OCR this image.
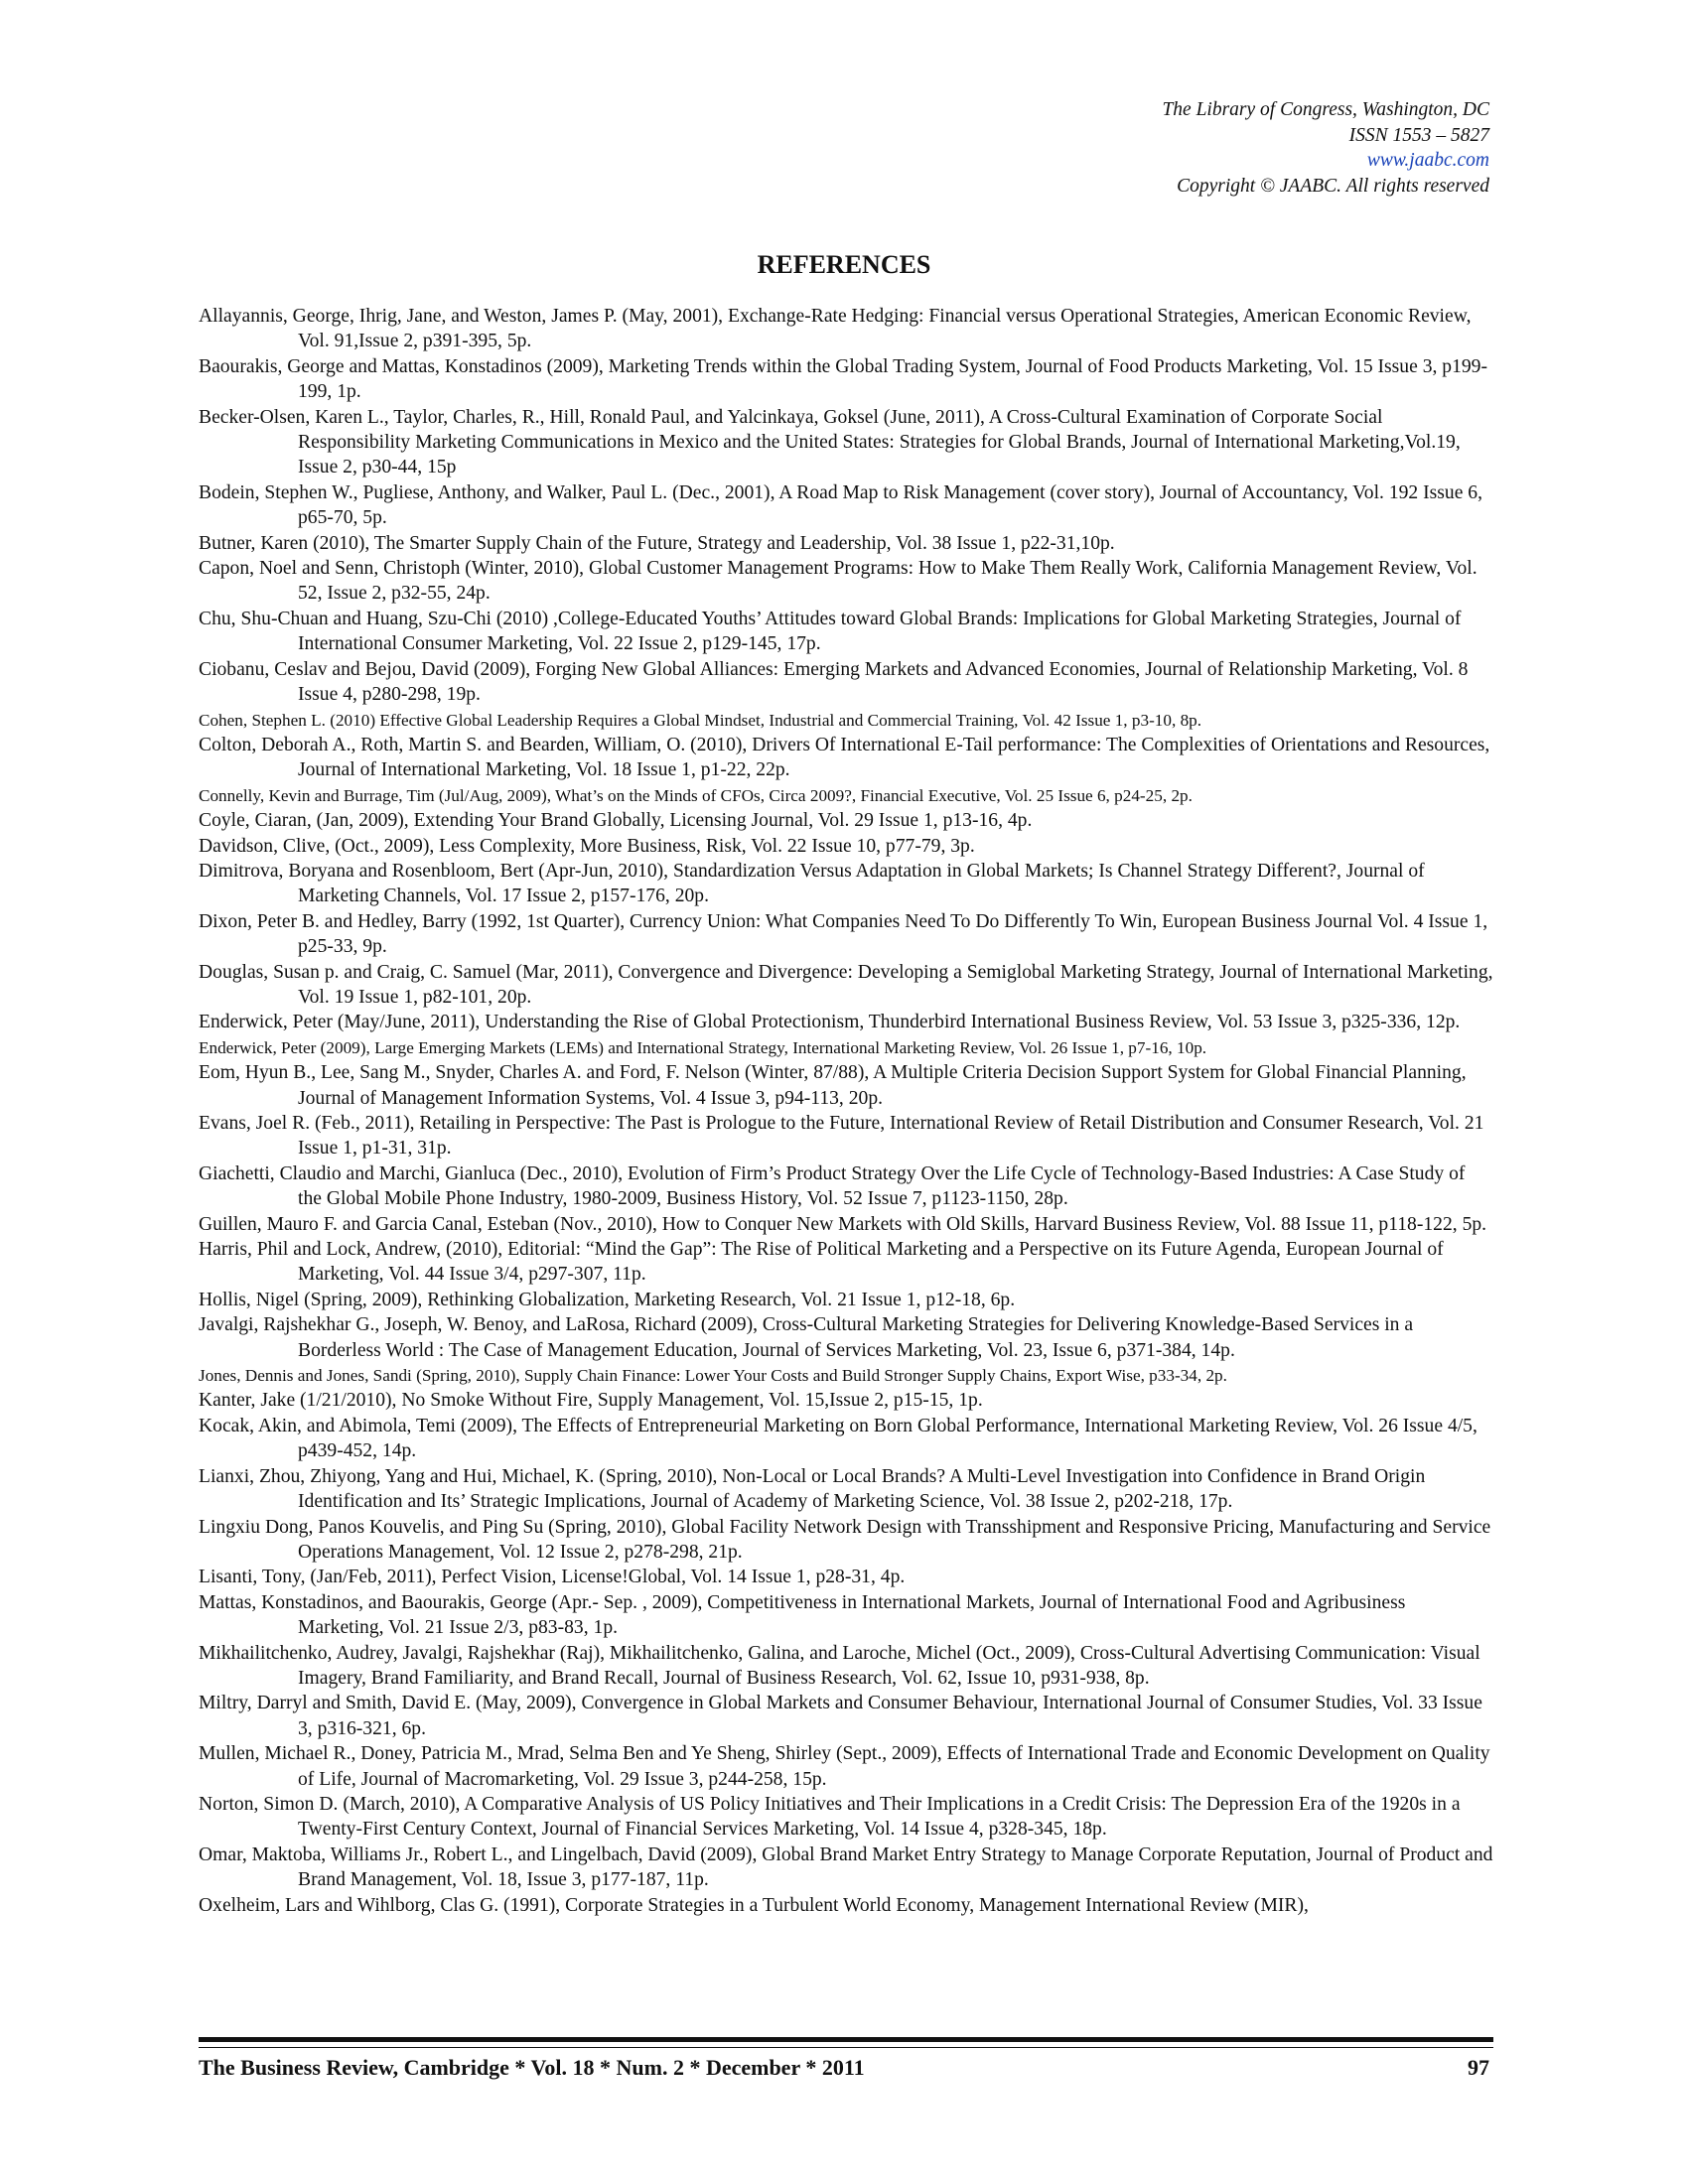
The Library of Congress, Washington, DC
ISSN 1553 – 5827
www.jaabc.com
Copyright © JAABC. All rights reserved
REFERENCES
Allayannis, George, Ihrig, Jane, and Weston, James P. (May, 2001), Exchange-Rate Hedging: Financial versus Operational Strategies, American Economic Review, Vol. 91,Issue 2, p391-395, 5p.
Baourakis, George and Mattas, Konstadinos (2009), Marketing Trends within the Global Trading System, Journal of Food Products Marketing, Vol. 15 Issue 3, p199-199, 1p.
Becker-Olsen, Karen L., Taylor, Charles, R., Hill, Ronald Paul, and Yalcinkaya, Goksel (June, 2011), A Cross-Cultural Examination of Corporate Social Responsibility Marketing Communications in Mexico and the United States: Strategies for Global Brands, Journal of International Marketing,Vol.19, Issue 2, p30-44, 15p
Bodein, Stephen W., Pugliese, Anthony, and Walker, Paul L. (Dec., 2001), A Road Map to Risk Management (cover story), Journal of Accountancy, Vol. 192 Issue 6, p65-70, 5p.
Butner, Karen (2010), The Smarter Supply Chain of the Future, Strategy and Leadership, Vol. 38 Issue 1, p22-31,10p.
Capon, Noel and Senn, Christoph (Winter, 2010), Global Customer Management Programs: How to Make Them Really Work, California Management Review, Vol. 52, Issue 2, p32-55, 24p.
Chu, Shu-Chuan and Huang, Szu-Chi (2010) ,College-Educated Youths’ Attitudes toward Global Brands: Implications for Global Marketing Strategies, Journal of International Consumer Marketing, Vol. 22 Issue 2, p129-145, 17p.
Ciobanu, Ceslav and Bejou, David (2009), Forging New Global Alliances: Emerging Markets and Advanced Economies, Journal of Relationship Marketing, Vol. 8 Issue 4, p280-298, 19p.
Cohen, Stephen L. (2010) Effective Global Leadership Requires a Global Mindset, Industrial and Commercial Training, Vol. 42 Issue 1, p3-10, 8p.
Colton, Deborah A., Roth, Martin S. and Bearden, William, O. (2010), Drivers Of International E-Tail performance: The Complexities of Orientations and Resources, Journal of International Marketing, Vol. 18 Issue 1, p1-22, 22p.
Connelly, Kevin and Burrage, Tim (Jul/Aug, 2009), What’s on the Minds of CFOs, Circa 2009?, Financial Executive, Vol. 25 Issue 6, p24-25, 2p.
Coyle, Ciaran, (Jan, 2009), Extending Your Brand Globally, Licensing Journal, Vol. 29 Issue 1, p13-16, 4p.
Davidson, Clive, (Oct., 2009), Less Complexity, More Business, Risk, Vol. 22 Issue 10, p77-79, 3p.
Dimitrova, Boryana and Rosenbloom, Bert (Apr-Jun, 2010), Standardization Versus Adaptation in Global Markets; Is Channel Strategy Different?, Journal of Marketing Channels, Vol. 17 Issue 2, p157-176, 20p.
Dixon, Peter B. and Hedley, Barry (1992, 1st Quarter), Currency Union: What Companies Need To Do Differently To Win, European Business Journal Vol. 4 Issue 1, p25-33, 9p.
Douglas, Susan p. and Craig, C. Samuel (Mar, 2011), Convergence and Divergence: Developing a Semiglobal Marketing Strategy, Journal of International Marketing, Vol. 19 Issue 1, p82-101, 20p.
Enderwick, Peter (May/June, 2011), Understanding the Rise of Global Protectionism, Thunderbird International Business Review, Vol. 53 Issue 3, p325-336, 12p.
Enderwick, Peter (2009), Large Emerging Markets (LEMs) and International Strategy, International Marketing Review, Vol. 26 Issue 1, p7-16, 10p.
Eom, Hyun B., Lee, Sang M., Snyder, Charles A. and Ford, F. Nelson (Winter, 87/88), A Multiple Criteria Decision Support System for Global Financial Planning, Journal of Management Information Systems, Vol. 4 Issue 3, p94-113, 20p.
Evans, Joel R. (Feb., 2011), Retailing in Perspective: The Past is Prologue to the Future, International Review of Retail Distribution and Consumer Research, Vol. 21 Issue 1, p1-31, 31p.
Giachetti, Claudio and Marchi, Gianluca (Dec., 2010), Evolution of Firm’s Product Strategy Over the Life Cycle of Technology-Based Industries: A Case Study of the Global Mobile Phone Industry, 1980-2009, Business History, Vol. 52 Issue 7, p1123-1150, 28p.
Guillen, Mauro F. and Garcia Canal, Esteban (Nov., 2010), How to Conquer New Markets with Old Skills, Harvard Business Review, Vol. 88 Issue 11, p118-122, 5p.
Harris, Phil and Lock, Andrew, (2010), Editorial: “Mind the Gap”: The Rise of Political Marketing and a Perspective on its Future Agenda, European Journal of Marketing, Vol. 44 Issue 3/4, p297-307, 11p.
Hollis, Nigel (Spring, 2009), Rethinking Globalization, Marketing Research, Vol. 21 Issue 1, p12-18, 6p.
Javalgi, Rajshekhar G., Joseph, W. Benoy, and LaRosa, Richard (2009), Cross-Cultural Marketing Strategies for Delivering Knowledge-Based Services in a Borderless World : The Case of Management Education, Journal of Services Marketing, Vol. 23, Issue 6, p371-384, 14p.
Jones, Dennis and Jones, Sandi (Spring, 2010), Supply Chain Finance: Lower Your Costs and Build Stronger Supply Chains, Export Wise, p33-34, 2p.
Kanter, Jake (1/21/2010), No Smoke Without Fire, Supply Management, Vol. 15,Issue 2, p15-15, 1p.
Kocak, Akin, and Abimola, Temi (2009), The Effects of Entrepreneurial Marketing on Born Global Performance, International Marketing Review, Vol. 26 Issue 4/5, p439-452, 14p.
Lianxi, Zhou, Zhiyong, Yang and Hui, Michael, K. (Spring, 2010), Non-Local or Local Brands? A Multi-Level Investigation into Confidence in Brand Origin Identification and Its’ Strategic Implications, Journal of Academy of Marketing Science, Vol. 38 Issue 2, p202-218, 17p.
Lingxiu Dong, Panos Kouvelis, and Ping Su (Spring, 2010), Global Facility Network Design with Transshipment and Responsive Pricing, Manufacturing and Service Operations Management, Vol. 12 Issue 2, p278-298, 21p.
Lisanti, Tony, (Jan/Feb, 2011), Perfect Vision, License!Global, Vol. 14 Issue 1, p28-31, 4p.
Mattas, Konstadinos, and Baourakis, George (Apr.- Sep. , 2009), Competitiveness in International Markets, Journal of International Food and Agribusiness Marketing, Vol. 21 Issue 2/3, p83-83, 1p.
Mikhailitchenko, Audrey, Javalgi, Rajshekhar (Raj), Mikhailitchenko, Galina, and Laroche, Michel (Oct., 2009), Cross-Cultural Advertising Communication: Visual Imagery, Brand Familiarity, and Brand Recall, Journal of Business Research, Vol. 62, Issue 10, p931-938, 8p.
Miltry, Darryl and Smith, David E. (May, 2009), Convergence in Global Markets and Consumer Behaviour, International Journal of Consumer Studies, Vol. 33 Issue 3, p316-321, 6p.
Mullen, Michael R., Doney, Patricia M., Mrad, Selma Ben and Ye Sheng, Shirley (Sept., 2009), Effects of International Trade and Economic Development on Quality of Life, Journal of Macromarketing, Vol. 29 Issue 3, p244-258, 15p.
Norton, Simon D. (March, 2010), A Comparative Analysis of US Policy Initiatives and Their Implications in a Credit Crisis: The Depression Era of the 1920s in a Twenty-First Century Context, Journal of Financial Services Marketing, Vol. 14 Issue 4, p328-345, 18p.
Omar, Maktoba, Williams Jr., Robert L., and Lingelbach, David (2009), Global Brand Market Entry Strategy to Manage Corporate Reputation, Journal of Product and Brand Management, Vol. 18, Issue 3, p177-187, 11p.
Oxelheim, Lars and Wihlborg, Clas G. (1991), Corporate Strategies in a Turbulent World Economy, Management International Review (MIR),
The Business Review, Cambridge * Vol. 18 * Num. 2 * December * 2011	97
